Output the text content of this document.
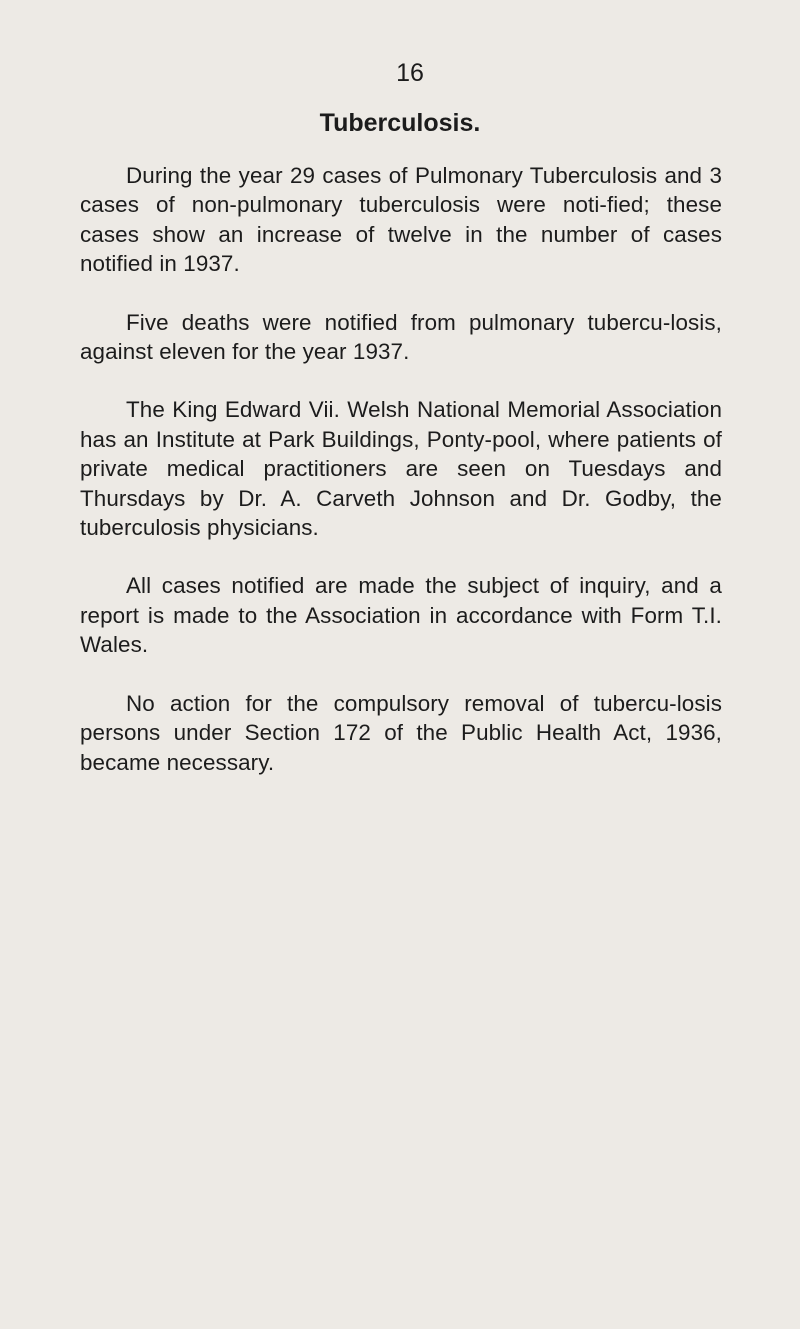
16
Tuberculosis.

During the year 29 cases of Pulmonary Tuberculosis and 3 cases of non-pulmonary tuberculosis were noti-fied; these cases show an increase of twelve in the number of cases notified in 1937.

Five deaths were notified from pulmonary tubercu-losis, against eleven for the year 1937.

The King Edward Vii. Welsh National Memorial Association has an Institute at Park Buildings, Ponty-pool, where patients of private medical practitioners are seen on Tuesdays and Thursdays by Dr. A. Carveth Johnson and Dr. Godby, the tuberculosis physicians.

All cases notified are made the subject of inquiry, and a report is made to the Association in accordance with Form T.I. Wales.

No action for the compulsory removal of tubercu-losis persons under Section 172 of the Public Health Act, 1936, became necessary.
